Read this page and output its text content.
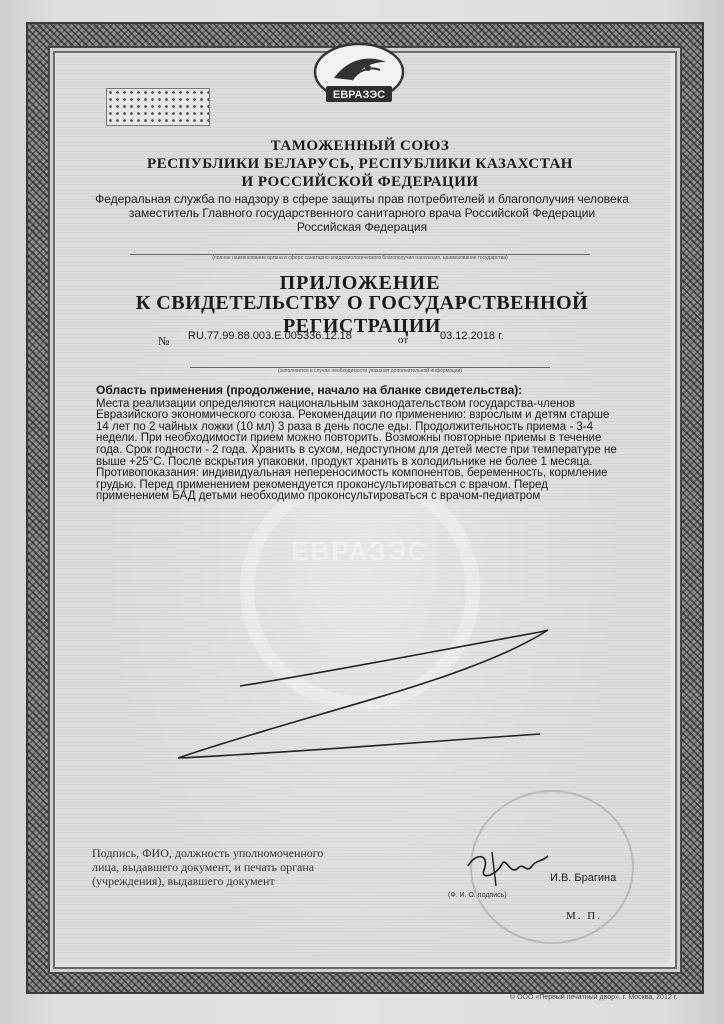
ЕВРАЗЭС
ЕВРАЗЭС
ТАМОЖЕННЫЙ СОЮЗ
РЕСПУБЛИКИ БЕЛАРУСЬ, РЕСПУБЛИКИ КАЗАХСТАН
И РОССИЙСКОЙ ФЕДЕРАЦИИ
Федеральная служба по надзору в сфере защиты прав потребителей и благополучия человека
заместитель Главного государственного санитарного врача Российской Федерации
Российская Федерация
(полное наименование органа в сфере санитарно-эпидемиологического благополучия населения, наименование государства)
ПРИЛОЖЕНИЕ
К СВИДЕТЕЛЬСТВУ О ГОСУДАРСТВЕННОЙ РЕГИСТРАЦИИ
№ RU.77.99.88.003.Е.005336.12.18	от	03.12.2018 г.
(заполняется в случае необходимости указания дополнительной информации)
Область применения (продолжение, начало на бланке свидетельства):

Места реализации определяются национальным законодательством государства-членов

Евразийского экономического союза. Рекомендации по применению: взрослым и детям старше

14 лет по 2 чайных ложки (10 мл) 3 раза в день после еды. Продолжительность приема - 3-4

недели. При необходимости прием можно повторить. Возможны повторные приемы в течение

года. Срок годности - 2 года. Хранить в сухом, недоступном для детей месте при температуре не

выше +25°С. После вскрытия упаковки, продукт хранить в холодильнике не более 1 месяца.

Противопоказания: индивидуальная непереносимость компонентов, беременность, кормление

грудью. Перед применением рекомендуется проконсультироваться с врачом. Перед

применением БАД детьми необходимо проконсультироваться с врачом-педиатром

Подпись, ФИО, должность уполномоченного
лица, выдавшего документ, и печать органа
(учреждения), выдавшего документ	И.В. Брагина
(Ф. И. О. подпись)
М. П.
© ООО «Первый печатный двор», г. Москва, 2012 г.
